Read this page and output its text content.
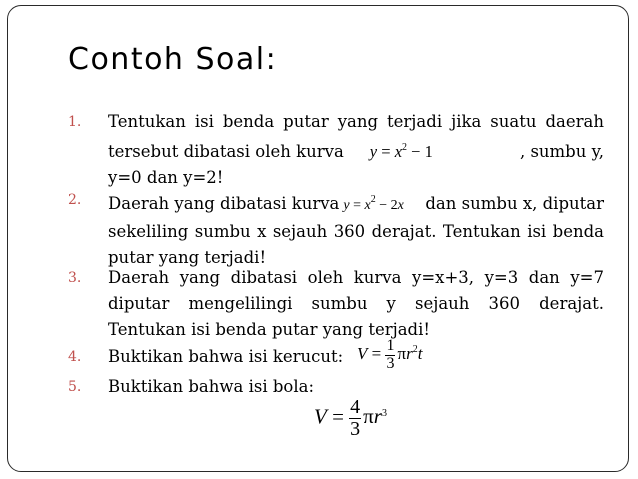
Contoh Soal:
1. Tentukan isi benda putar yang terjadi jika suatu daerah
tersebut dibatasi oleh kurva $y = x^2 - 1$	, sumbu y,
y=0 dan y=2!
2. Daerah yang dibatasi kurva $y = x^2 - 2x$ dan sumbu x, diputar
sekeliling sumbu x sejauh 360 derajat. Tentukan isi benda
putar yang terjadi!
3. Daerah yang dibatasi oleh kurva y=x+3, y=3 dan y=7
diputar mengelilingi sumbu y sejauh 360 derajat.
Tentukan isi benda putar yang terjadi!
4. Buktikan bahwa isi kerucut: $V = \frac{1}{3} \pi r^2t$
5. Buktikan bahwa isi bola:
$V = \frac{4}{3} \pi r^3$
